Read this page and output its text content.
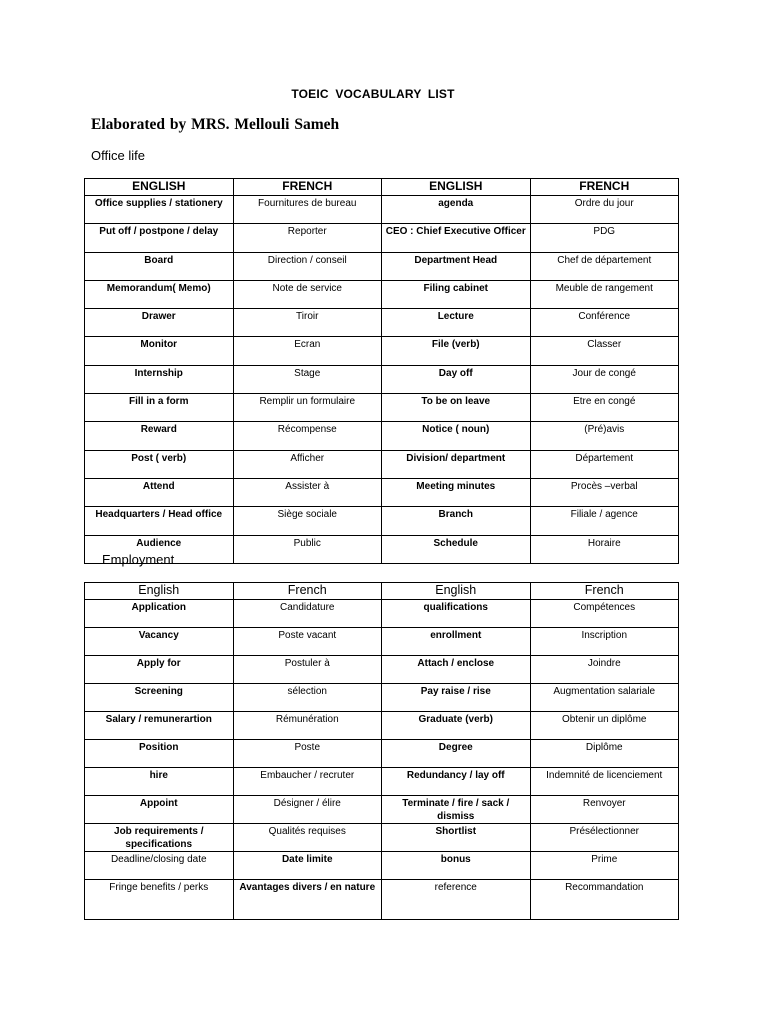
TOEIC VOCABULARY LIST
Elaborated by MRS. Mellouli Sameh
Office life
ENGLISH	FRENCH	ENGLISH	FRENCH
Office supplies / stationery	Fournitures de bureau	agenda	Ordre du jour
Put off / postpone / delay	Reporter	CEO : Chief Executive Officer	PDG
Board	Direction / conseil	Department Head	Chef de département
Memorandum( Memo)	Note de service	Filing cabinet	Meuble de rangement
Drawer	Tiroir	Lecture	Conférence
Monitor	Ecran	File (verb)	Classer
Internship	Stage	Day off	Jour de congé
Fill in a form	Remplir un formulaire	To be on leave	Etre en congé
Reward	Récompense	Notice ( noun)	(Pré)avis
Post ( verb)	Afficher	Division/ department	Département
Attend	Assister à	Meeting minutes	Procès –verbal
Headquarters / Head office	Siège sociale	Branch	Filiale / agence
Audience	Public	Schedule	Horaire
Employment
English	French	English	French
Application	Candidature	qualifications	Compétences
Vacancy	Poste vacant	enrollment	Inscription
Apply for	Postuler à	Attach / enclose	Joindre
Screening	sélection	Pay raise / rise	Augmentation salariale
Salary / remunerartion	Rémunération	Graduate (verb)	Obtenir un diplôme
Position	Poste	Degree	Diplôme
hire	Embaucher / recruter	Redundancy / lay off	Indemnité de licenciement
Appoint	Désigner / élire	Terminate / fire / sack / dismiss	Renvoyer
Job requirements / specifications	Qualités requises	Shortlist	Présélectionner
Deadline/closing date	Date limite	bonus	Prime
Fringe benefits / perks	Avantages divers / en nature	reference	Recommandation
